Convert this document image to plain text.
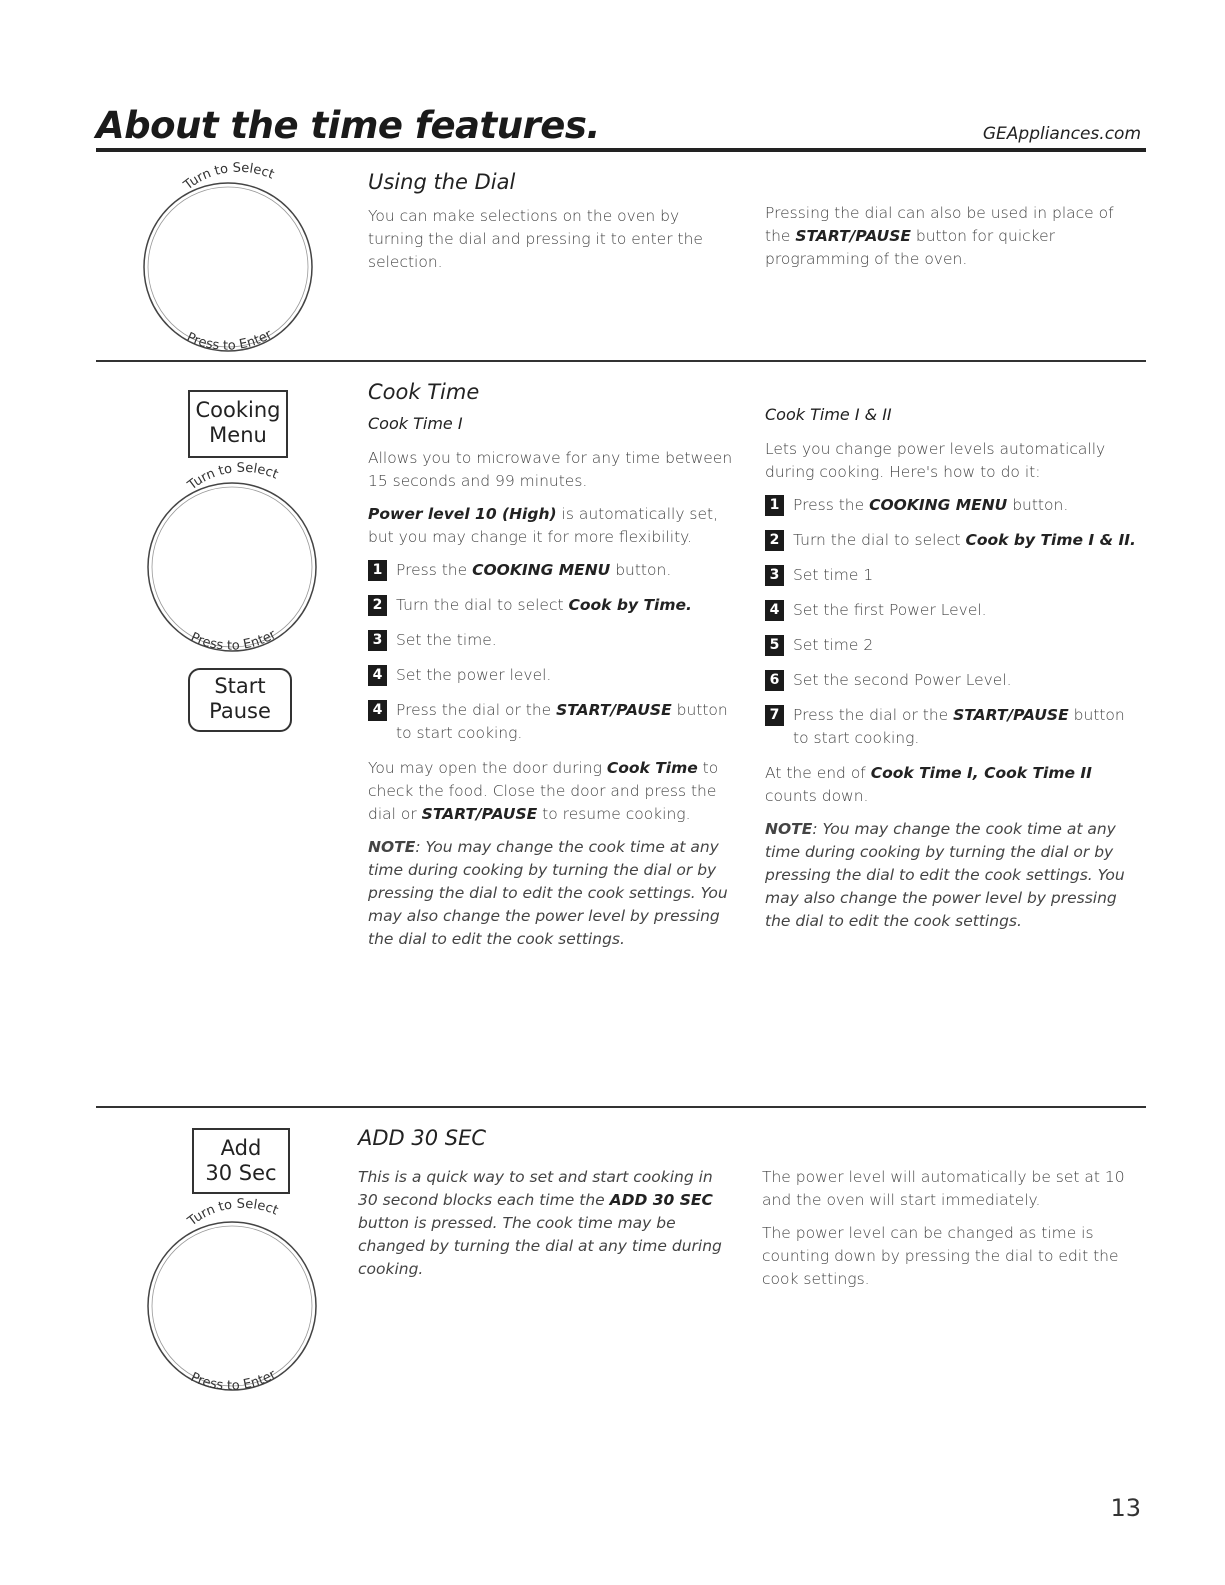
About the time features.	GEAppliances.com
Turn to Select
Press to Enter
Using the Dial
You can make selections on the oven by turning the dial and pressing it to enter the selection.
Pressing the dial can also be used in place of the START/PAUSE button for quicker programming of the oven.
Cooking
Menu
Turn to Select
Press to Enter
Start
Pause
Cook Time
Cook Time I

Allows you to microwave for any time between 15 seconds and 99 minutes.

Power level 10 (High) is automatically set, but you may change it for more flexibility.

1 Press the COOKING MENU button.
2 Turn the dial to select Cook by Time.
3 Set the time.
4 Set the power level.
4 Press the dial or the START/PAUSE button to start cooking.

You may open the door during Cook Time to check the food. Close the door and press the dial or START/PAUSE to resume cooking.

NOTE: You may change the cook time at any time during cooking by turning the dial or by pressing the dial to edit the cook settings. You may also change the power level by pressing the dial to edit the cook settings.

Cook Time I & II

Lets you change power levels automatically during cooking. Here's how to do it:

1 Press the COOKING MENU button.
2 Turn the dial to select Cook by Time I & II.
3 Set time 1
4 Set the first Power Level.
5 Set time 2
6 Set the second Power Level.
7 Press the dial or the START/PAUSE button to start cooking.

At the end of Cook Time I, Cook Time II counts down.

NOTE: You may change the cook time at any time during cooking by turning the dial or by pressing the dial to edit the cook settings. You may also change the power level by pressing the dial to edit the cook settings.

Add
30 Sec
Turn to Select
Press to Enter
ADD 30 SEC
This is a quick way to set and start cooking in 30 second blocks each time the ADD 30 SEC button is pressed. The cook time may be changed by turning the dial at any time during cooking.

The power level will automatically be set at 10 and the oven will start immediately.

The power level can be changed as time is counting down by pressing the dial to edit the cook settings.

13
